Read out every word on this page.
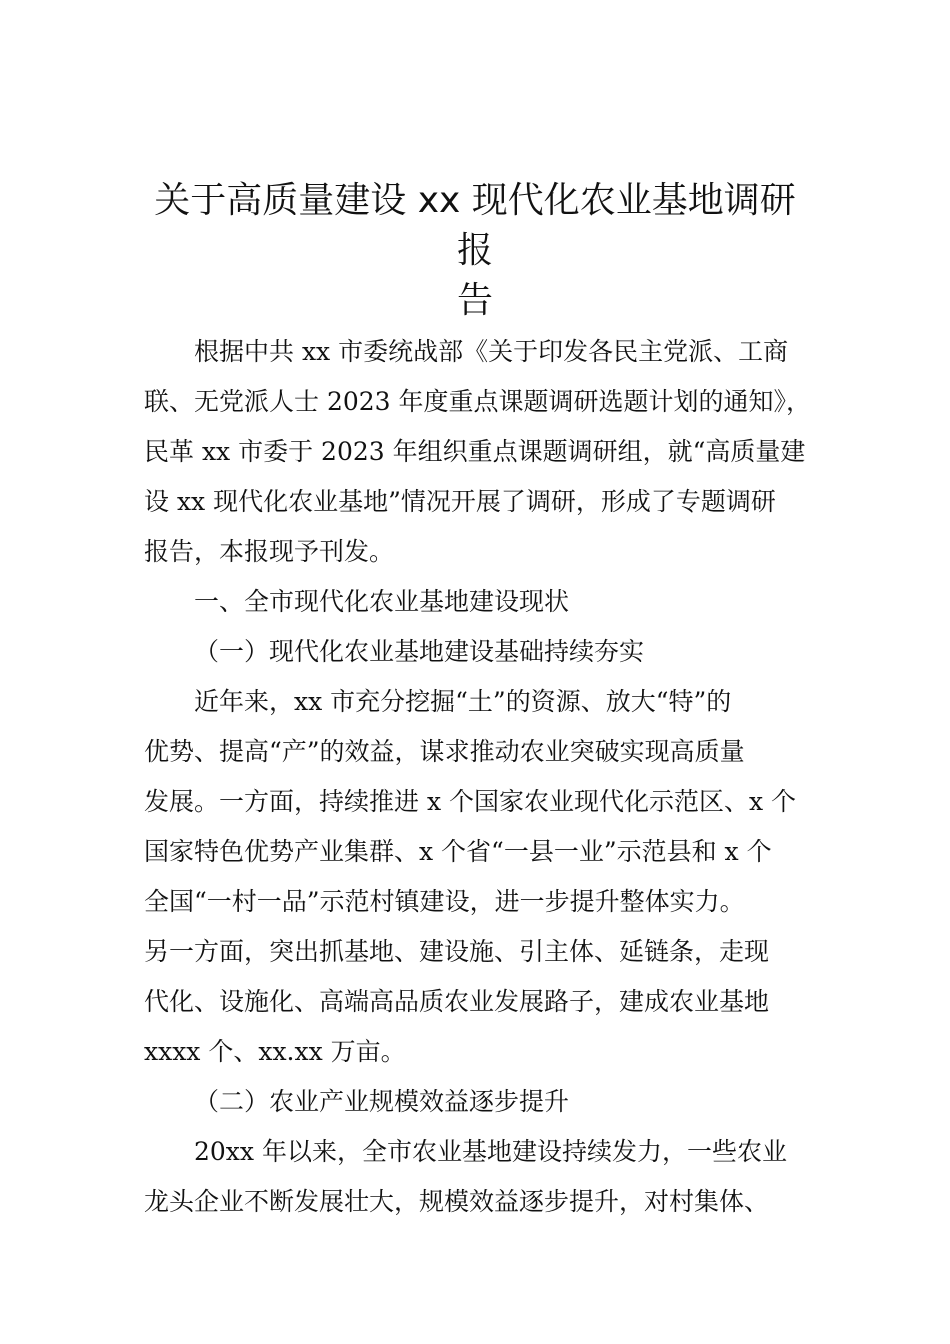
关于高质量建设 xx 现代化农业基地调研报
告
根据中共 xx 市委统战部《关于印发各民主党派、工商
联、无党派人士 2023 年度重点课题调研选题计划的通知》，
民革 xx 市委于 2023 年组织重点课题调研组，就“高质量建
设 xx 现代化农业基地”情况开展了调研，形成了专题调研
报告，本报现予刊发。
一、全市现代化农业基地建设现状
（一）现代化农业基地建设基础持续夯实
近年来，xx 市充分挖掘“土”的资源、放大“特”的
优势、提高“产”的效益，谋求推动农业突破实现高质量
发展。一方面，持续推进 x 个国家农业现代化示范区、x 个
国家特色优势产业集群、x 个省“一县一业”示范县和 x 个
全国“一村一品”示范村镇建设，进一步提升整体实力。
另一方面，突出抓基地、建设施、引主体、延链条，走现
代化、设施化、高端高品质农业发展路子，建成农业基地
xxxx 个、xx.xx 万亩。
（二）农业产业规模效益逐步提升
20xx 年以来，全市农业基地建设持续发力，一些农业
龙头企业不断发展壮大，规模效益逐步提升，对村集体、
